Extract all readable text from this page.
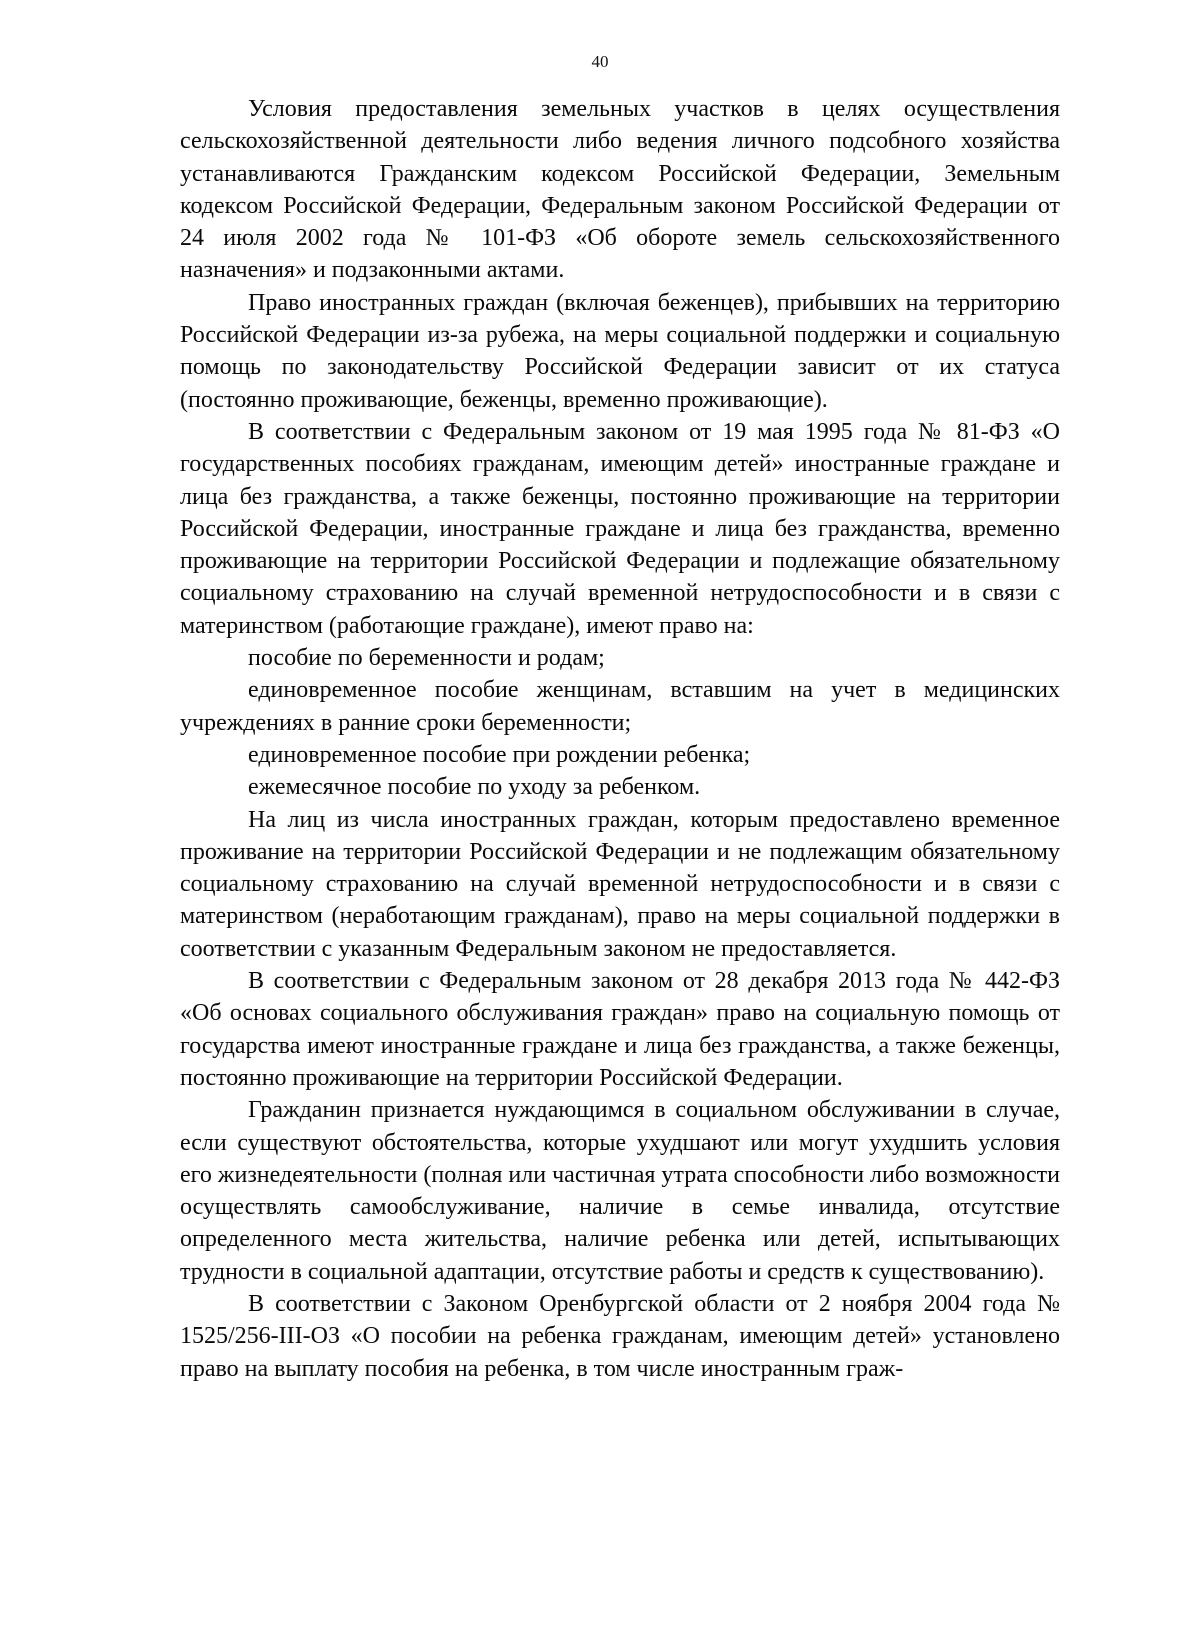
40

Условия предоставления земельных участков в целях осуществления сельскохозяйственной деятельности либо ведения личного подсобного хозяйства устанавливаются Гражданским кодексом Российской Федерации, Земельным кодексом Российской Федерации, Федеральным законом Российской Федерации от 24 июля 2002 года № 101-ФЗ «Об обороте земель сельскохозяйственного назначения» и подзаконными актами.

Право иностранных граждан (включая беженцев), прибывших на территорию Российской Федерации из-за рубежа, на меры социальной поддержки и социальную помощь по законодательству Российской Федерации зависит от их статуса (постоянно проживающие, беженцы, временно проживающие).

В соответствии с Федеральным законом от 19 мая 1995 года № 81-ФЗ «О государственных пособиях гражданам, имеющим детей» иностранные граждане и лица без гражданства, а также беженцы, постоянно проживающие на территории Российской Федерации, иностранные граждане и лица без гражданства, временно проживающие на территории Российской Федерации и подлежащие обязательному социальному страхованию на случай временной нетрудоспособности и в связи с материнством (работающие граждане), имеют право на:

пособие по беременности и родам;

единовременное пособие женщинам, вставшим на учет в медицинских учреждениях в ранние сроки беременности;

единовременное пособие при рождении ребенка;

ежемесячное пособие по уходу за ребенком.

На лиц из числа иностранных граждан, которым предоставлено временное проживание на территории Российской Федерации и не подлежащим обязательному социальному страхованию на случай временной нетрудоспособности и в связи с материнством (неработающим гражданам), право на меры социальной поддержки в соответствии с указанным Федеральным законом не предоставляется.

В соответствии с Федеральным законом от 28 декабря 2013 года № 442-ФЗ «Об основах социального обслуживания граждан» право на социальную помощь от государства имеют иностранные граждане и лица без гражданства, а также беженцы, постоянно проживающие на территории Российской Федерации.

Гражданин признается нуждающимся в социальном обслуживании в случае, если существуют обстоятельства, которые ухудшают или могут ухудшить условия его жизнедеятельности (полная или частичная утрата способности либо возможности осуществлять самообслуживание, наличие в семье инвалида, отсутствие определенного места жительства, наличие ребенка или детей, испытывающих трудности в социальной адаптации, отсутствие работы и средств к существованию).

В соответствии с Законом Оренбургской области от 2 ноября 2004 года № 1525/256-III-ОЗ «О пособии на ребенка гражданам, имеющим детей» установлено право на выплату пособия на ребенка, в том числе иностранным граж-
